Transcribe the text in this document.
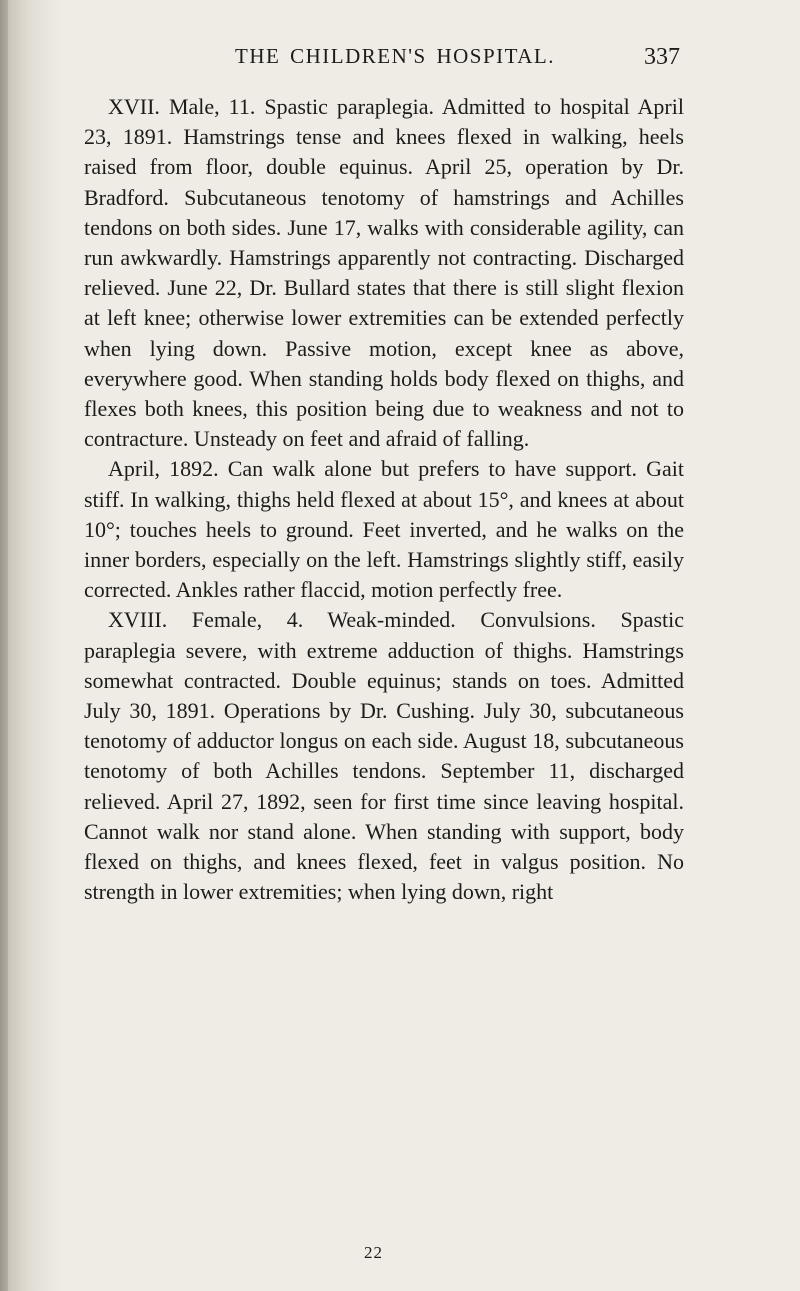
THE CHILDREN'S HOSPITAL.	337

XVII. Male, 11. Spastic paraplegia. Admitted to hospital April 23, 1891. Hamstrings tense and knees flexed in walking, heels raised from floor, double equinus. April 25, operation by Dr. Bradford. Subcutaneous tenotomy of hamstrings and Achilles tendons on both sides. June 17, walks with considerable agility, can run awkwardly. Hamstrings apparently not contracting. Discharged relieved. June 22, Dr. Bullard states that there is still slight flexion at left knee; otherwise lower extremities can be extended perfectly when lying down. Passive motion, except knee as above, everywhere good. When standing holds body flexed on thighs, and flexes both knees, this position being due to weakness and not to contracture. Unsteady on feet and afraid of falling.

April, 1892. Can walk alone but prefers to have support. Gait stiff. In walking, thighs held flexed at about 15°, and knees at about 10°; touches heels to ground. Feet inverted, and he walks on the inner borders, especially on the left. Hamstrings slightly stiff, easily corrected. Ankles rather flaccid, motion perfectly free.

XVIII. Female, 4. Weak-minded. Convulsions. Spastic paraplegia severe, with extreme adduction of thighs. Hamstrings somewhat contracted. Double equinus; stands on toes. Admitted July 30, 1891. Operations by Dr. Cushing. July 30, subcutaneous tenotomy of adductor longus on each side. August 18, subcutaneous tenotomy of both Achilles tendons. September 11, discharged relieved. April 27, 1892, seen for first time since leaving hospital. Cannot walk nor stand alone. When standing with support, body flexed on thighs, and knees flexed, feet in valgus position. No strength in lower extremities; when lying down, right

22
